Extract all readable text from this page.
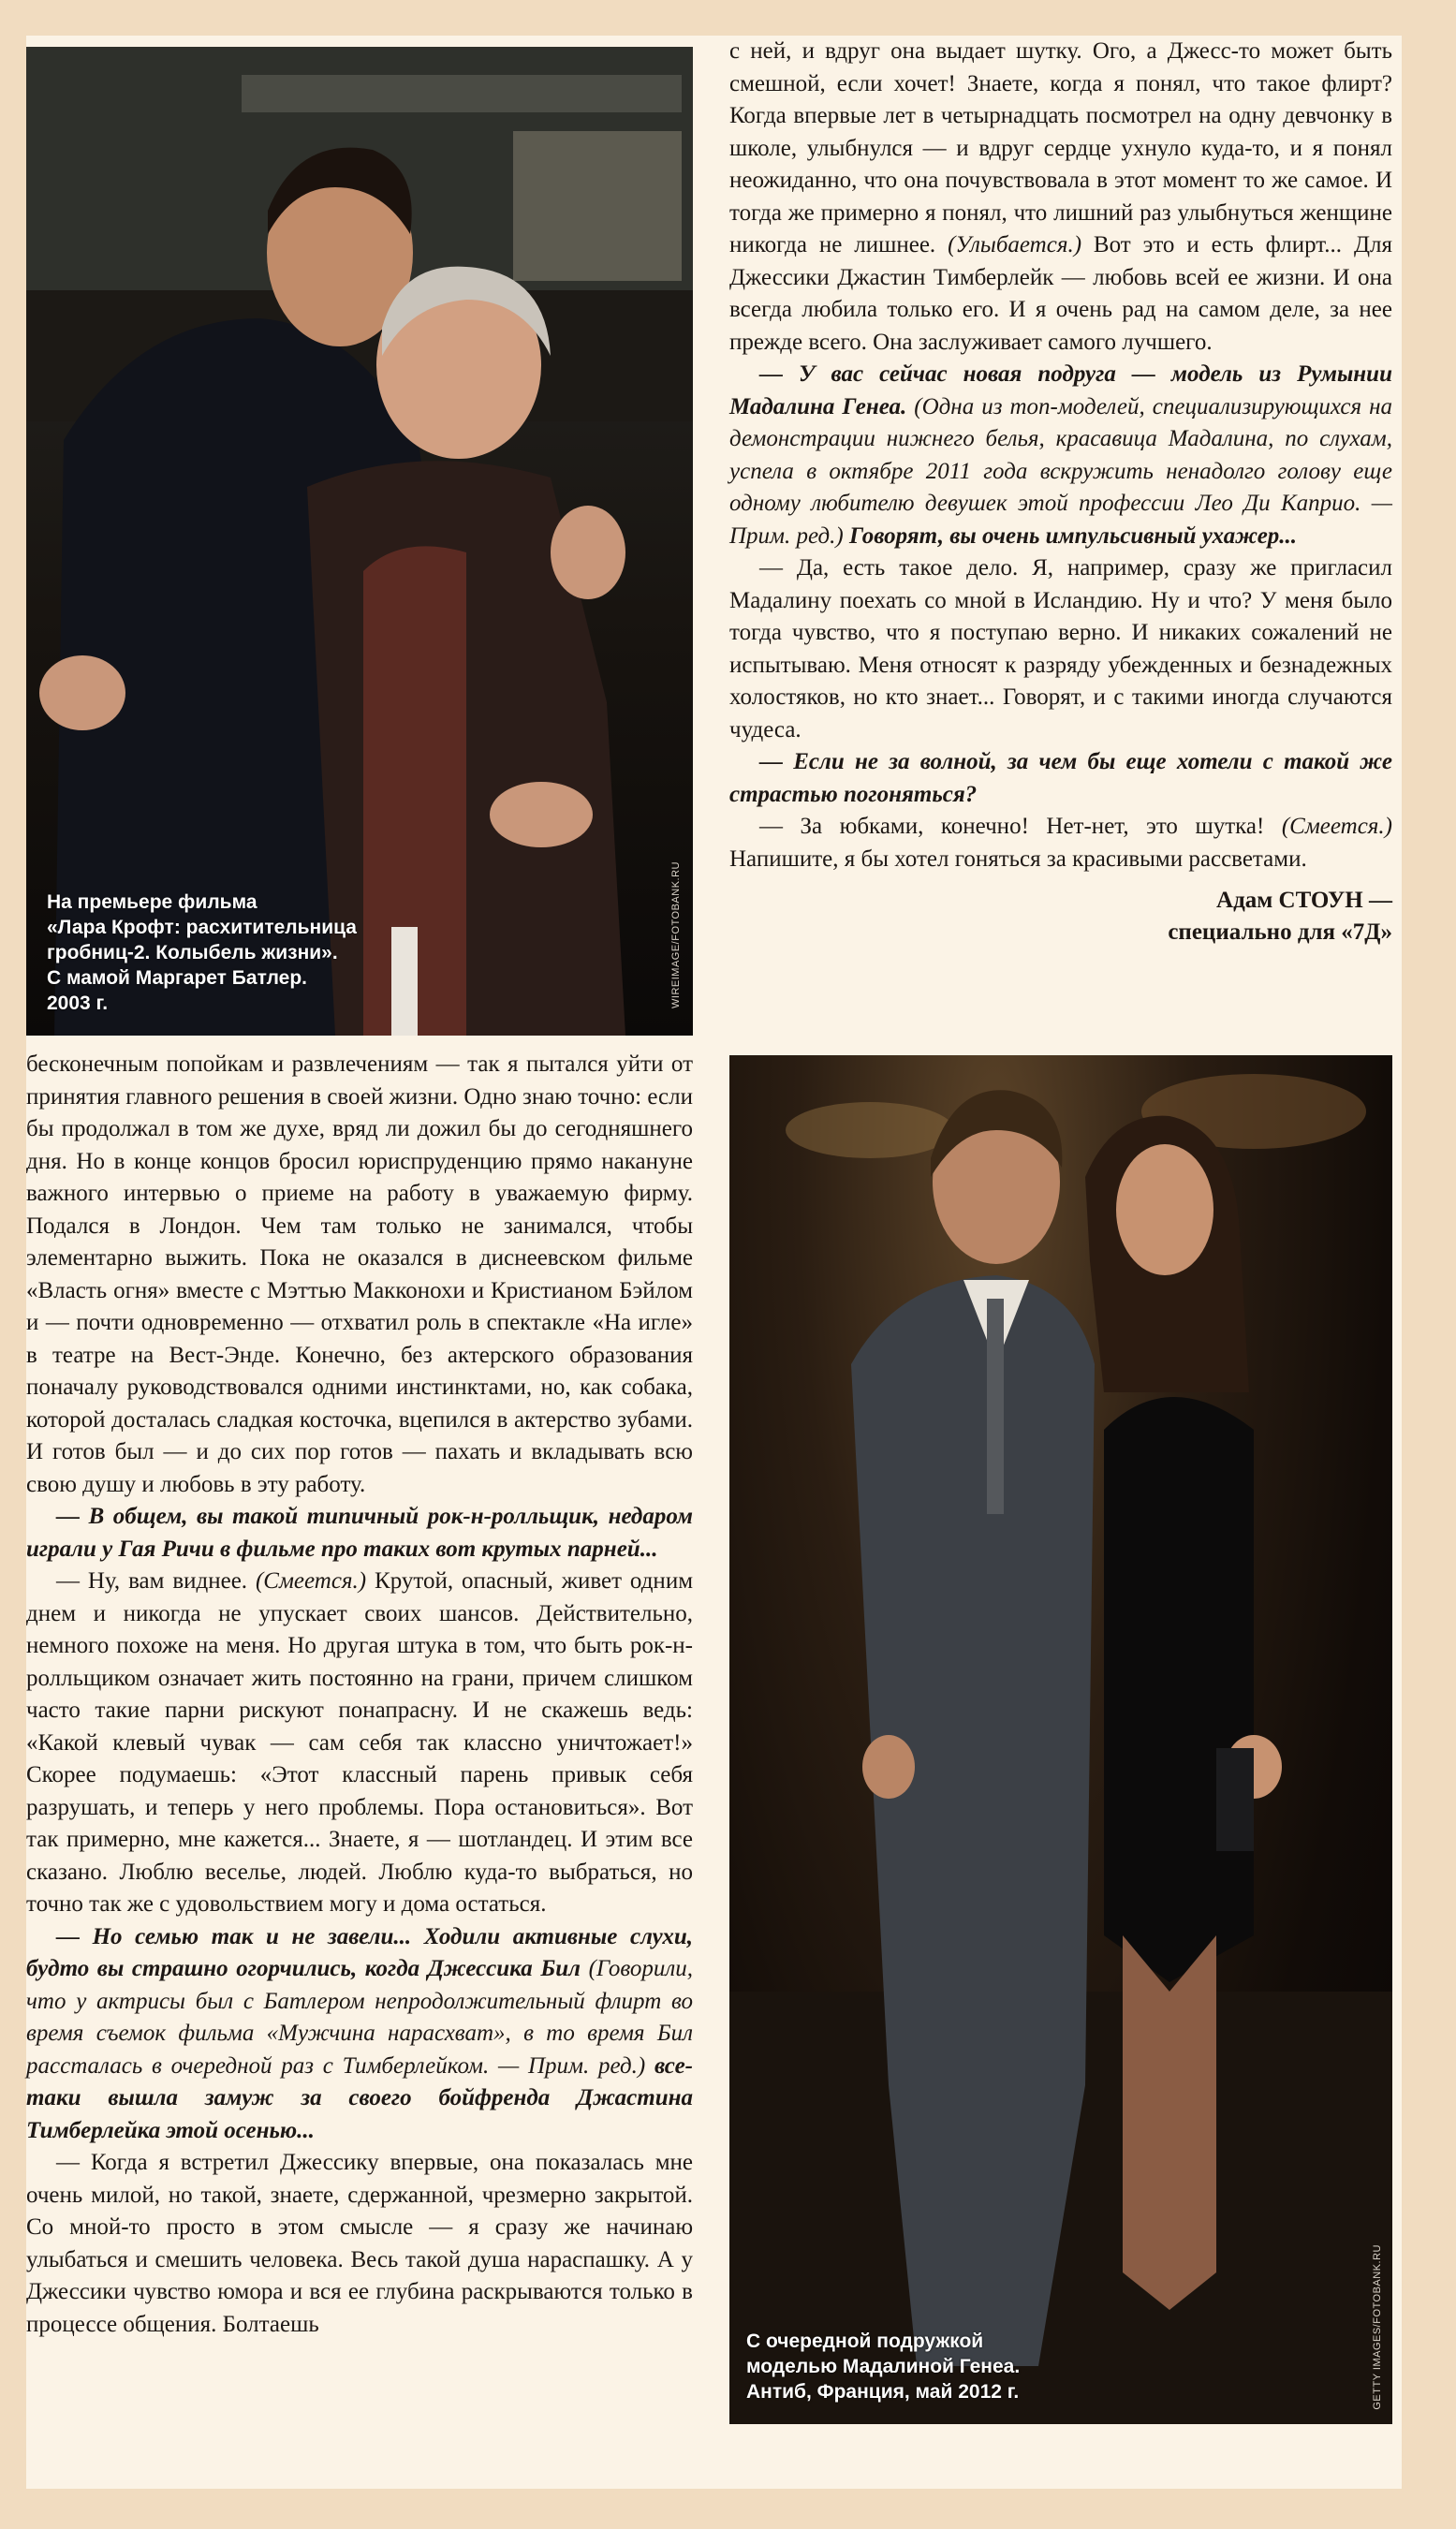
На премьере фильма
«Лара Крофт: расхитительница
гробниц-2. Колыбель жизни».
С мамой Маргарет Батлер.
2003 г.	WIREIMAGE/FOTOBANK.RU

с ней, и вдруг она выдает шутку. Ого, а Джесс-то может быть смешной, если хочет! Знаете, когда я понял, что такое флирт? Когда впервые лет в четырнадцать посмотрел на одну девчонку в школе, улыбнулся — и вдруг сердце ухнуло куда-то, и я понял неожиданно, что она почувствовала в этот момент то же самое. И тогда же примерно я понял, что лишний раз улыбнуться женщине никогда не лишнее. (Улыбается.) Вот это и есть флирт... Для Джессики Джастин Тимберлейк — любовь всей ее жизни. И она всегда любила только его. И я очень рад на самом деле, за нее прежде всего. Она заслуживает самого лучшего.

— У вас сейчас новая подруга — модель из Румынии Мадалина Генеа. (Одна из топ-моделей, специализирующихся на демонстрации нижнего белья, красавица Мадалина, по слухам, успела в октябре 2011 года вскружить ненадолго голову еще одному любителю девушек этой профессии Лео Ди Каприо. — Прим. ред.) Говорят, вы очень импульсивный ухажер...

— Да, есть такое дело. Я, например, сразу же пригласил Мадалину поехать со мной в Исландию. Ну и что? У меня было тогда чувство, что я поступаю верно. И никаких сожалений не испытываю. Меня относят к разряду убежденных и безнадежных холостяков, но кто знает... Говорят, и с такими иногда случаются чудеса.

— Если не за волной, за чем бы еще хотели с такой же страстью погоняться?

— За юбками, конечно! Нет-нет, это шутка! (Смеется.) Напишите, я бы хотел гоняться за красивыми рассветами.

Адам СТОУН —
специально для «7Д»

бесконечным попойкам и развлечениям — так я пытался уйти от принятия главного решения в своей жизни. Одно знаю точно: если бы продолжал в том же духе, вряд ли дожил бы до сегодняшнего дня. Но в конце концов бросил юриспруденцию прямо накануне важного интервью о приеме на работу в уважаемую фирму. Подался в Лондон. Чем там только не занимался, чтобы элементарно выжить. Пока не оказался в диснеевском фильме «Власть огня» вместе с Мэттью Макконохи и Кристианом Бэйлом и — почти одновременно — отхватил роль в спектакле «На игле» в театре на Вест-Энде. Конечно, без актерского образования поначалу руководствовался одними инстинктами, но, как собака, которой досталась сладкая косточка, вцепился в актерство зубами. И готов был — и до сих пор готов — пахать и вкладывать всю свою душу и любовь в эту работу.

— В общем, вы такой типичный рок-н-ролльщик, недаром играли у Гая Ричи в фильме про таких вот крутых парней...

— Ну, вам виднее. (Смеется.) Крутой, опасный, живет одним днем и никогда не упускает своих шансов. Действительно, немного похоже на меня. Но другая штука в том, что быть рок-н-ролльщиком означает жить постоянно на грани, причем слишком часто такие парни рискуют понапрасну. И не скажешь ведь: «Какой клевый чувак — сам себя так классно уничтожает!» Скорее подумаешь: «Этот классный парень привык себя разрушать, и теперь у него проблемы. Пора остановиться». Вот так примерно, мне кажется... Знаете, я — шотландец. И этим все сказано. Люблю веселье, людей. Люблю куда-то выбраться, но точно так же с удовольствием могу и дома остаться.

— Но семью так и не завели... Ходили активные слухи, будто вы страшно огорчились, когда Джессика Бил (Говорили, что у актрисы был с Батлером непродолжительный флирт во время съемок фильма «Мужчина нарасхват», в то время Бил рассталась в очередной раз с Тимберлейком. — Прим. ред.) все-таки вышла замуж за своего бойфренда Джастина Тимберлейка этой осенью...

— Когда я встретил Джессику впервые, она показалась мне очень милой, но такой, знаете, сдержанной, чрезмерно закрытой. Со мной-то просто в этом смысле — я сразу же начинаю улыбаться и смешить человека. Весь такой душа нараспашку. А у Джессики чувство юмора и вся ее глубина раскрываются только в процессе общения. Болтаешь

С очередной подружкой
моделью Мадалиной Генеа.
Антиб, Франция, май 2012 г.	GETTY IMAGES/FOTOBANK.RU
